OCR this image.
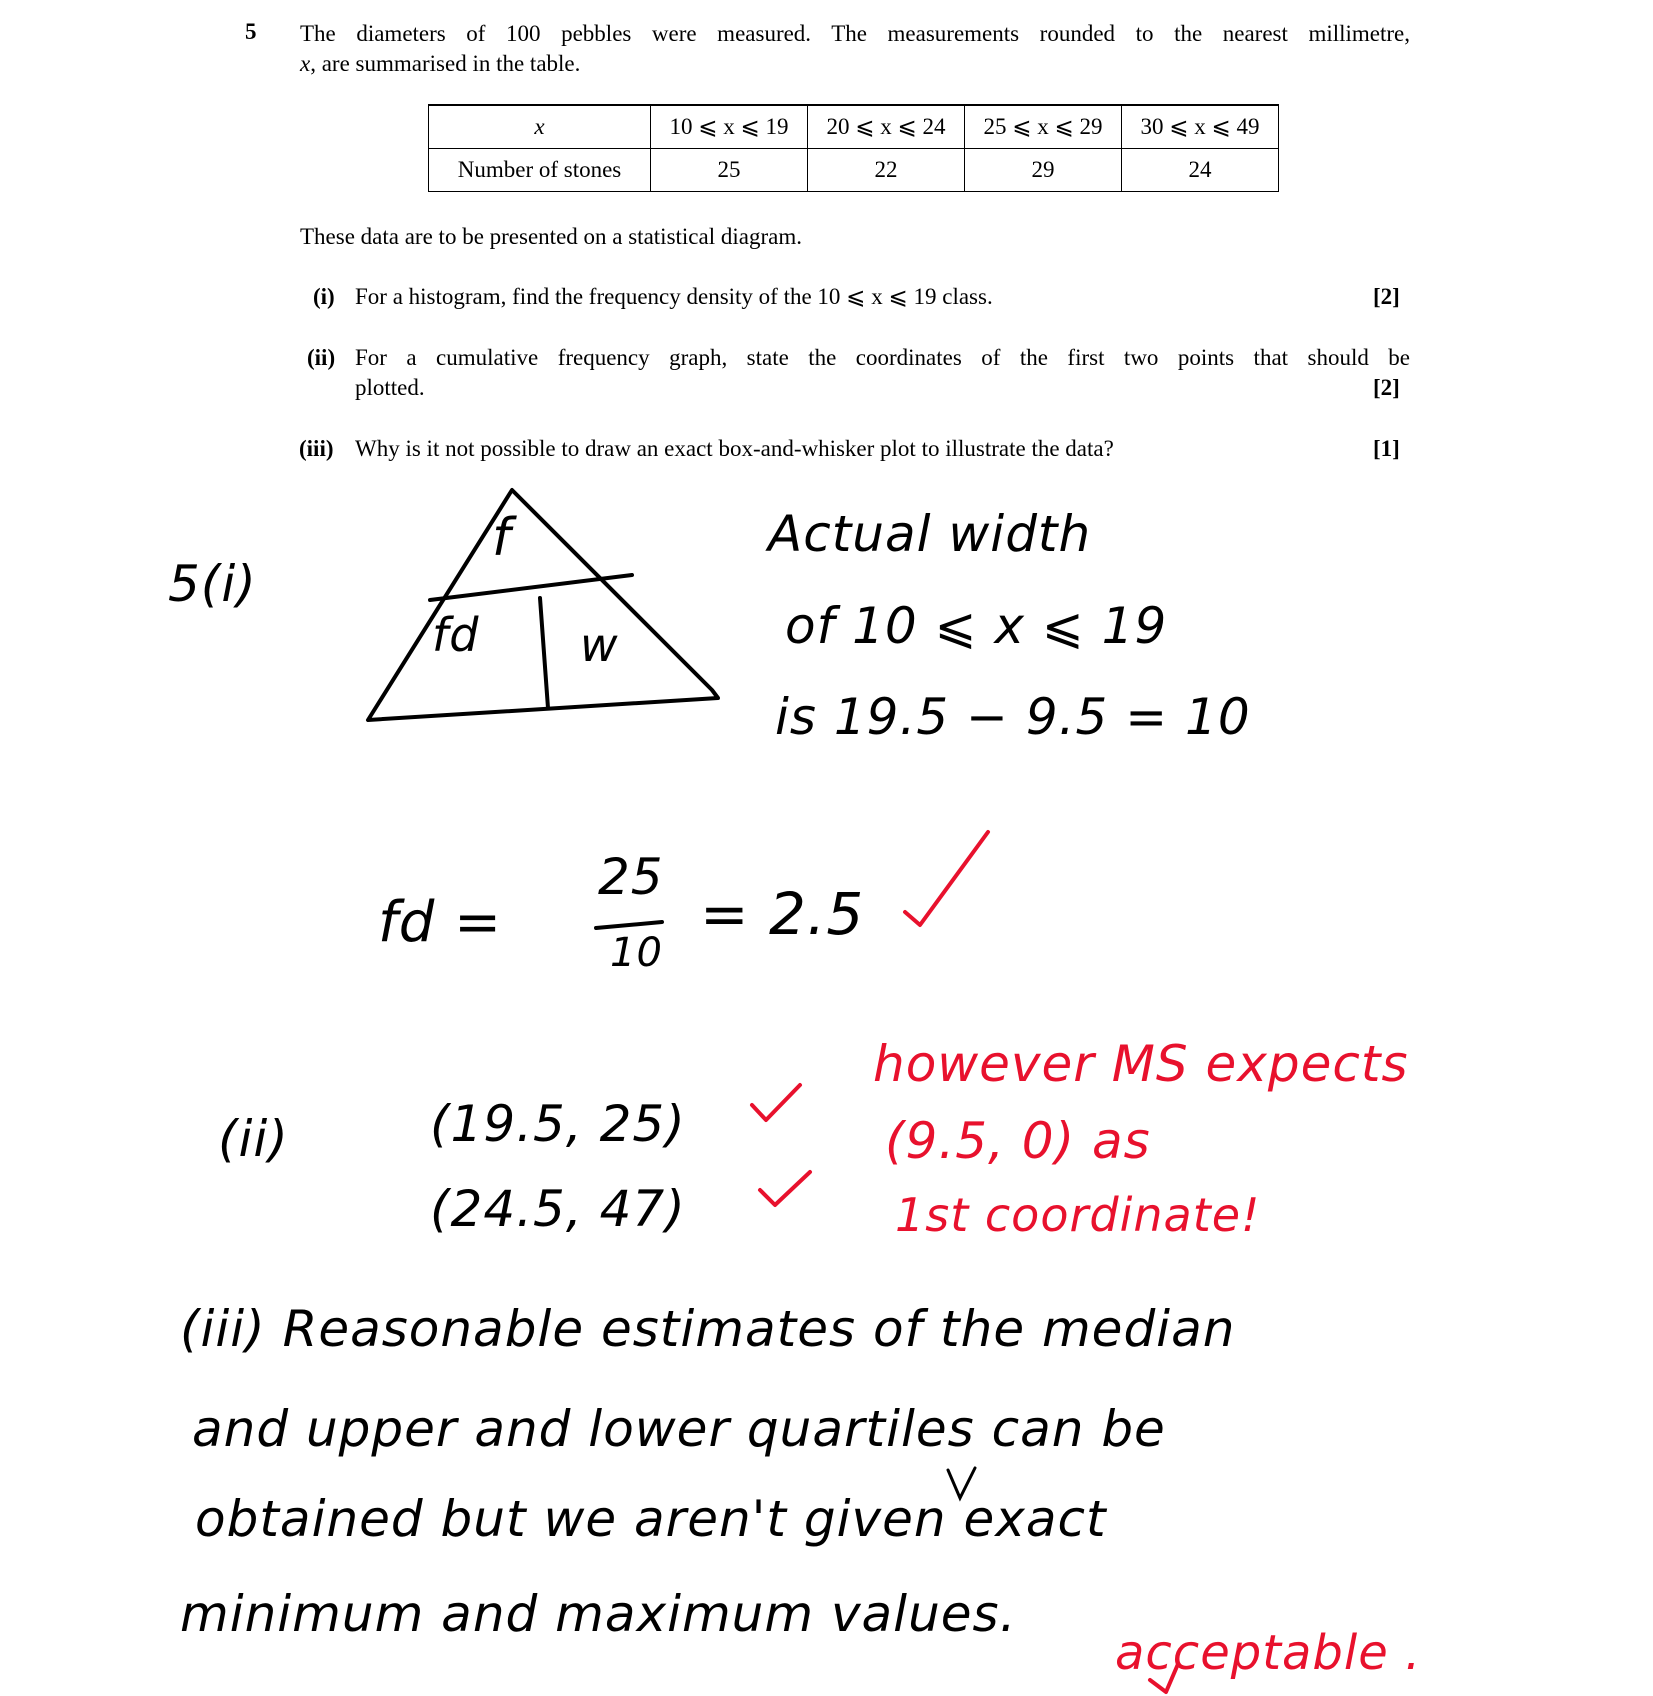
5 The diameters of 100 pebbles were measured. The measurements rounded to the nearest millimetre,
x, are summarised in the table.
x	10 ⩽ x ⩽ 19	20 ⩽ x ⩽ 24	25 ⩽ x ⩽ 29	30 ⩽ x ⩽ 49
Number of stones	25	22	29	24
These data are to be presented on a statistical diagram.
(i) For a histogram, find the frequency density of the 10 ⩽ x ⩽ 19 class.	[2]
(ii) For a cumulative frequency graph, state the coordinates of the first two points that should be
plotted.	[2]
(iii) Why is it not possible to draw an exact box-and-whisker plot to illustrate the data?	[1]
f
fd w
5(i)
Actual width
of 10 ⩽ x ⩽ 19
is 19.5 − 9.5 = 10
fd =
25
10
= 2.5
(ii)	(19.5, 25)
(24.5, 47)
however MS expects
(9.5, 0) as
1st coordinate!
(iii) Reasonable estimates of the median
and upper and lower quartiles can be
obtained but we aren't given exact
minimum and maximum values.
acceptable .
